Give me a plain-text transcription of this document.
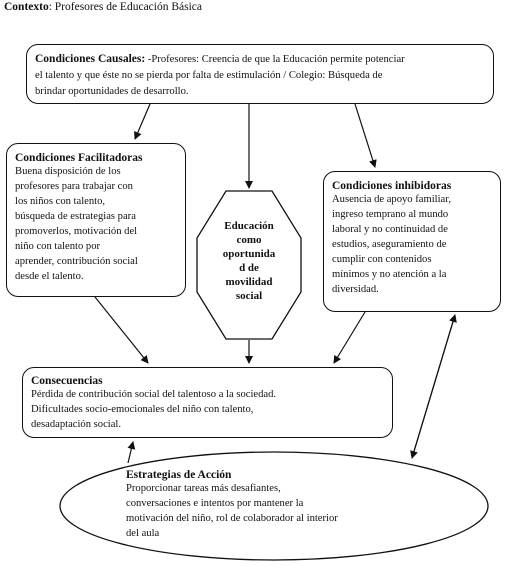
Contexto: Profesores de Educación Básica
Condiciones Causales: -Profesores: Creencia de que la Educación permite potenciar
el talento y que éste no se pierda por falta de estimulación / Colegio: Búsqueda de
brindar oportunidades de desarrollo.
Condiciones Facilitadoras
Buena disposición de los
profesores para trabajar con
los niños con talento,
búsqueda de estrategias para
promoverlos, motivación del
niño con talento por
aprender, contribución social
desde el talento.
Educación
como
oportunida
d de
movilidad
social
Condiciones inhibidoras
Ausencia de apoyo familiar,
ingreso temprano al mundo
laboral y no continuidad de
estudios, aseguramiento de
cumplir con contenidos
mínimos y no atención a la
diversidad.
Consecuencias
Pérdida de contribución social del talentoso a la sociedad.
Dificultades socio-emocionales del niño con talento,
desadaptación social.
Estrategias de Acción
Proporcionar tareas más desafiantes,
conversaciones e intentos por mantener la
motivación del niño, rol de colaborador al interior
del aula
